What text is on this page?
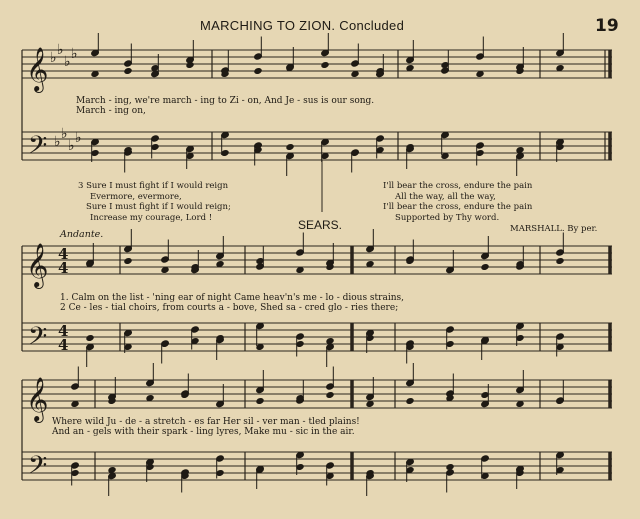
MARCHING TO ZION. Concluded	19
𝄞
𝄢
♭ ♭
♭ ♭
♭ ♭
♭ ♭
𝄞
𝄢
4
4
4
4
𝄞
𝄢
March - ing, we're march - ing to Zi - on, And Je - sus is our song.
March - ing on,
3 Sure I must fight if I would reign
Evermore, evermore,
Sure I must fight if I would reign;
Increase my courage, Lord !
I'll bear the cross, endure the pain
All the way, all the way,
I'll bear the cross, endure the pain
Supported by Thy word.
SEARS.
Andante.	MARSHALL. By per.
1. Calm on the list - 'ning ear of night Came heav'n's me - lo - dious strains,
2 Ce - les - tial choirs, from courts a - bove, Shed sa - cred glo - ries there;
Where wild Ju - de - a stretch - es far Her sil - ver man - tled plains!
And an - gels with their spark - ling lyres, Make mu - sic in the air.
